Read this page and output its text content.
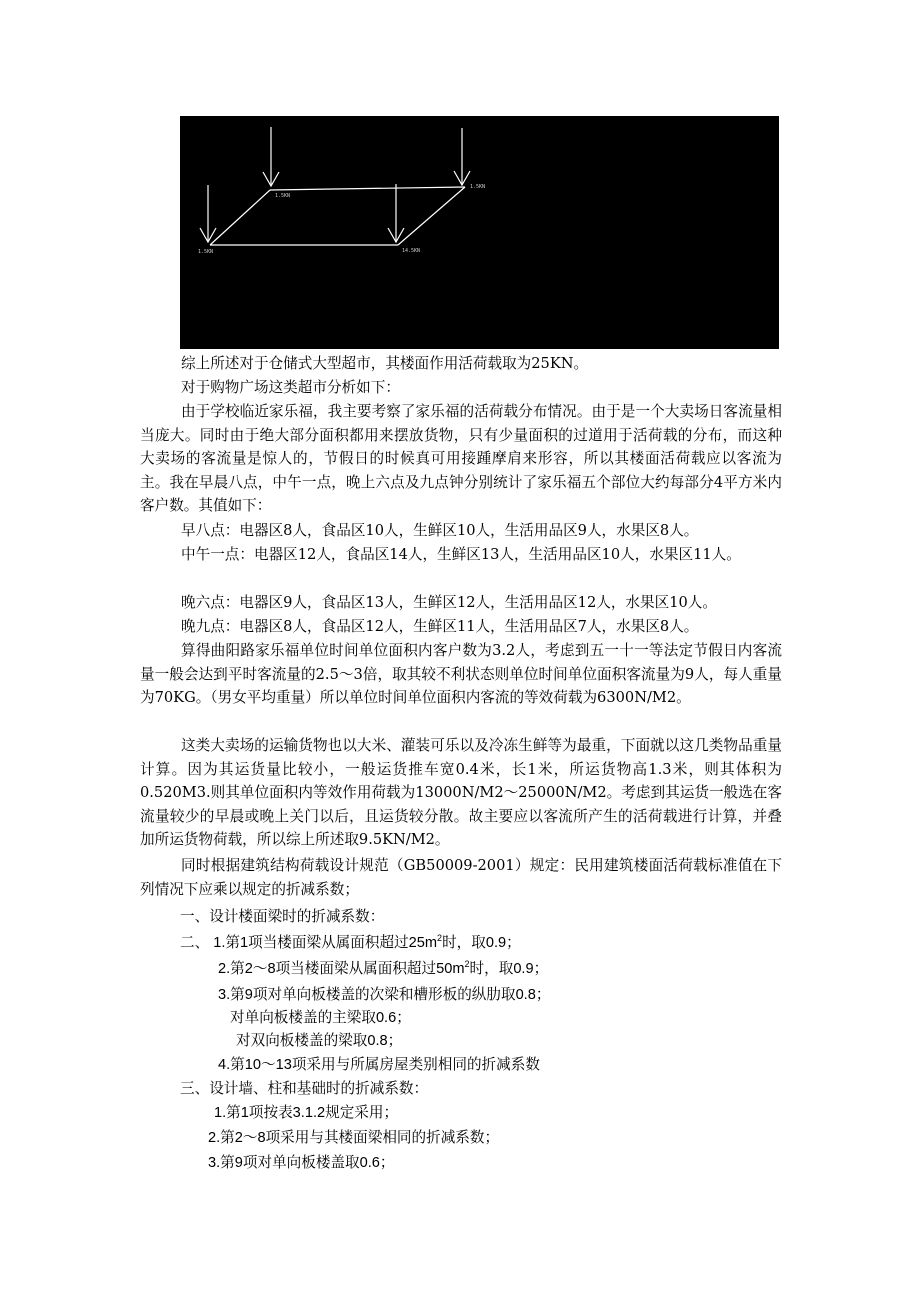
1.5KN
1.5KN
1.5KN
14.5KN

综上所述对于仓储式大型超市，其楼面作用活荷载取为25KN。

对于购物广场这类超市分析如下：

由于学校临近家乐福，我主要考察了家乐福的活荷载分布情况。由于是一个大卖场日客流量相当庞大。同时由于绝大部分面积都用来摆放货物，只有少量面积的过道用于活荷载的分布，而这种大卖场的客流量是惊人的，节假日的时候真可用接踵摩肩来形容，所以其楼面活荷载应以客流为主。我在早晨八点，中午一点，晚上六点及九点钟分别统计了家乐福五个部位大约每部分4平方米内客户数。其值如下：

早八点：电器区8人，食品区10人，生鲜区10人，生活用品区9人，水果区8人。

中午一点：电器区12人，食品区14人，生鲜区13人，生活用品区10人，水果区11人。

晚六点：电器区9人，食品区13人，生鲜区12人，生活用品区12人，水果区10人。

晚九点：电器区8人，食品区12人，生鲜区11人，生活用品区7人，水果区8人。

算得曲阳路家乐福单位时间单位面积内客户数为3.2人，考虑到五一十一等法定节假日内客流量一般会达到平时客流量的2.5～3倍，取其较不利状态则单位时间单位面积客流量为9人，每人重量为70KG。（男女平均重量）所以单位时间单位面积内客流的等效荷载为6300N/M2。

这类大卖场的运输货物也以大米、灌装可乐以及冷冻生鲜等为最重，下面就以这几类物品重量计算。因为其运货量比较小，一般运货推车宽0.4米，长1米，所运货物高1.3米，则其体积为0.520M3.则其单位面积内等效作用荷载为13000N/M2～25000N/M2。考虑到其运货一般选在客流量较少的早晨或晚上关门以后，且运货较分散。故主要应以客流所产生的活荷载进行计算，并叠加所运货物荷载，所以综上所述取9.5KN/M2。

同时根据建筑结构荷载设计规范（GB50009-2001）规定：民用建筑楼面活荷载标准值在下列情况下应乘以规定的折减系数；

一、设计楼面梁时的折减系数：

二、 1.第1项当楼面梁从属面积超过$25m^2$时，取0.9；

2.第2～8项当楼面梁从属面积超过$50m^2$时，取0.9；

3.第9项对单向板楼盖的次梁和槽形板的纵肋取0.8；

对单向板楼盖的主梁取0.6；

对双向板楼盖的梁取0.8；

4.第10～13项采用与所属房屋类别相同的折减系数

三、设计墙、柱和基础时的折减系数：

1.第1项按表3.1.2规定采用；

2.第2～8项采用与其楼面梁相同的折减系数；

3.第9项对单向板楼盖取0.6；
